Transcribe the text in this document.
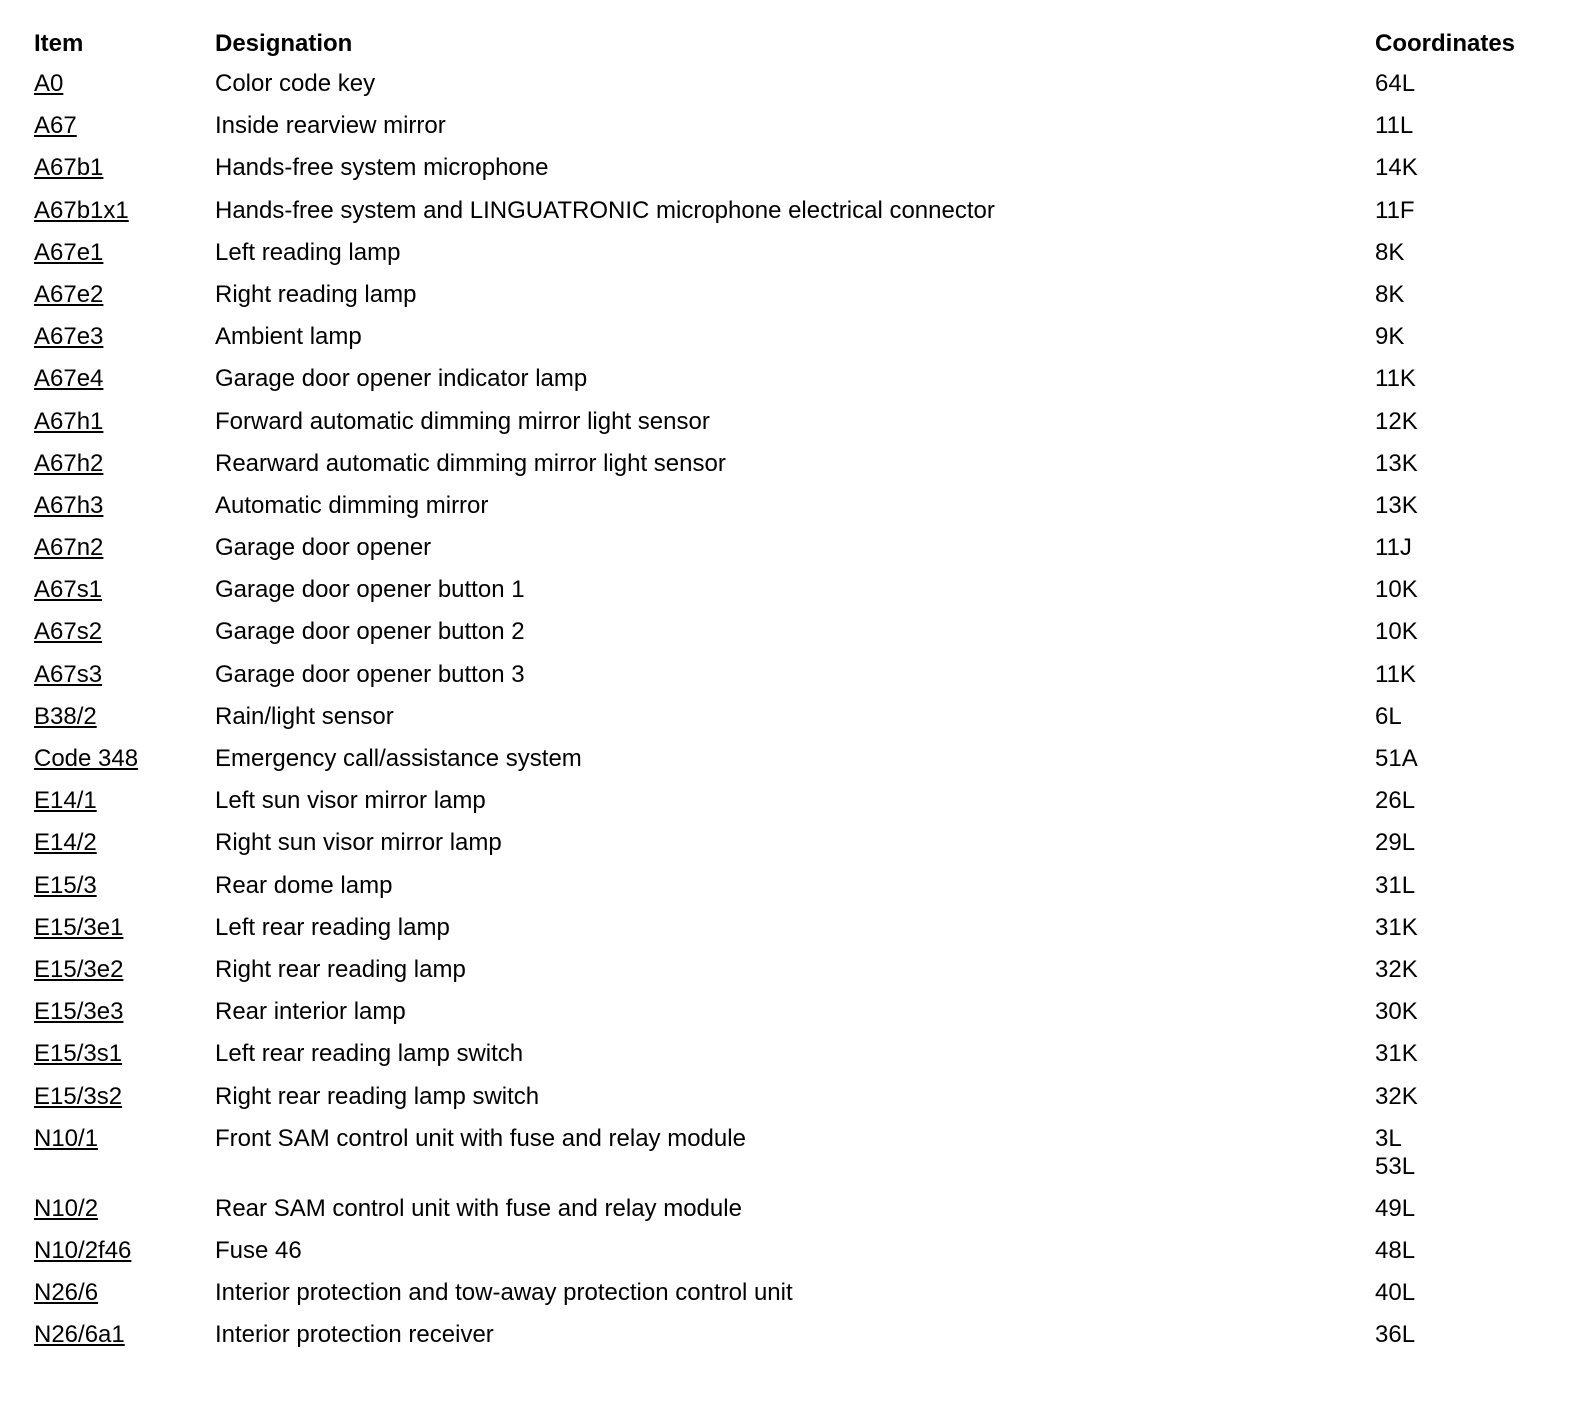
Item	Designation	Coordinates
A0	Color code key	64L
A67	Inside rearview mirror	11L
A67b1	Hands-free system microphone	14K
A67b1x1	Hands-free system and LINGUATRONIC microphone electrical connector	11F
A67e1	Left reading lamp	8K
A67e2	Right reading lamp	8K
A67e3	Ambient lamp	9K
A67e4	Garage door opener indicator lamp	11K
A67h1	Forward automatic dimming mirror light sensor	12K
A67h2	Rearward automatic dimming mirror light sensor	13K
A67h3	Automatic dimming mirror	13K
A67n2	Garage door opener	11J
A67s1	Garage door opener button 1	10K
A67s2	Garage door opener button 2	10K
A67s3	Garage door opener button 3	11K
B38/2	Rain/light sensor	6L
Code 348	Emergency call/assistance system	51A
E14/1	Left sun visor mirror lamp	26L
E14/2	Right sun visor mirror lamp	29L
E15/3	Rear dome lamp	31L
E15/3e1	Left rear reading lamp	31K
E15/3e2	Right rear reading lamp	32K
E15/3e3	Rear interior lamp	30K
E15/3s1	Left rear reading lamp switch	31K
E15/3s2	Right rear reading lamp switch	32K
N10/1	Front SAM control unit with fuse and relay module	3L
53L
N10/2	Rear SAM control unit with fuse and relay module	49L
N10/2f46	Fuse 46	48L
N26/6	Interior protection and tow-away protection control unit	40L
N26/6a1	Interior protection receiver	36L
